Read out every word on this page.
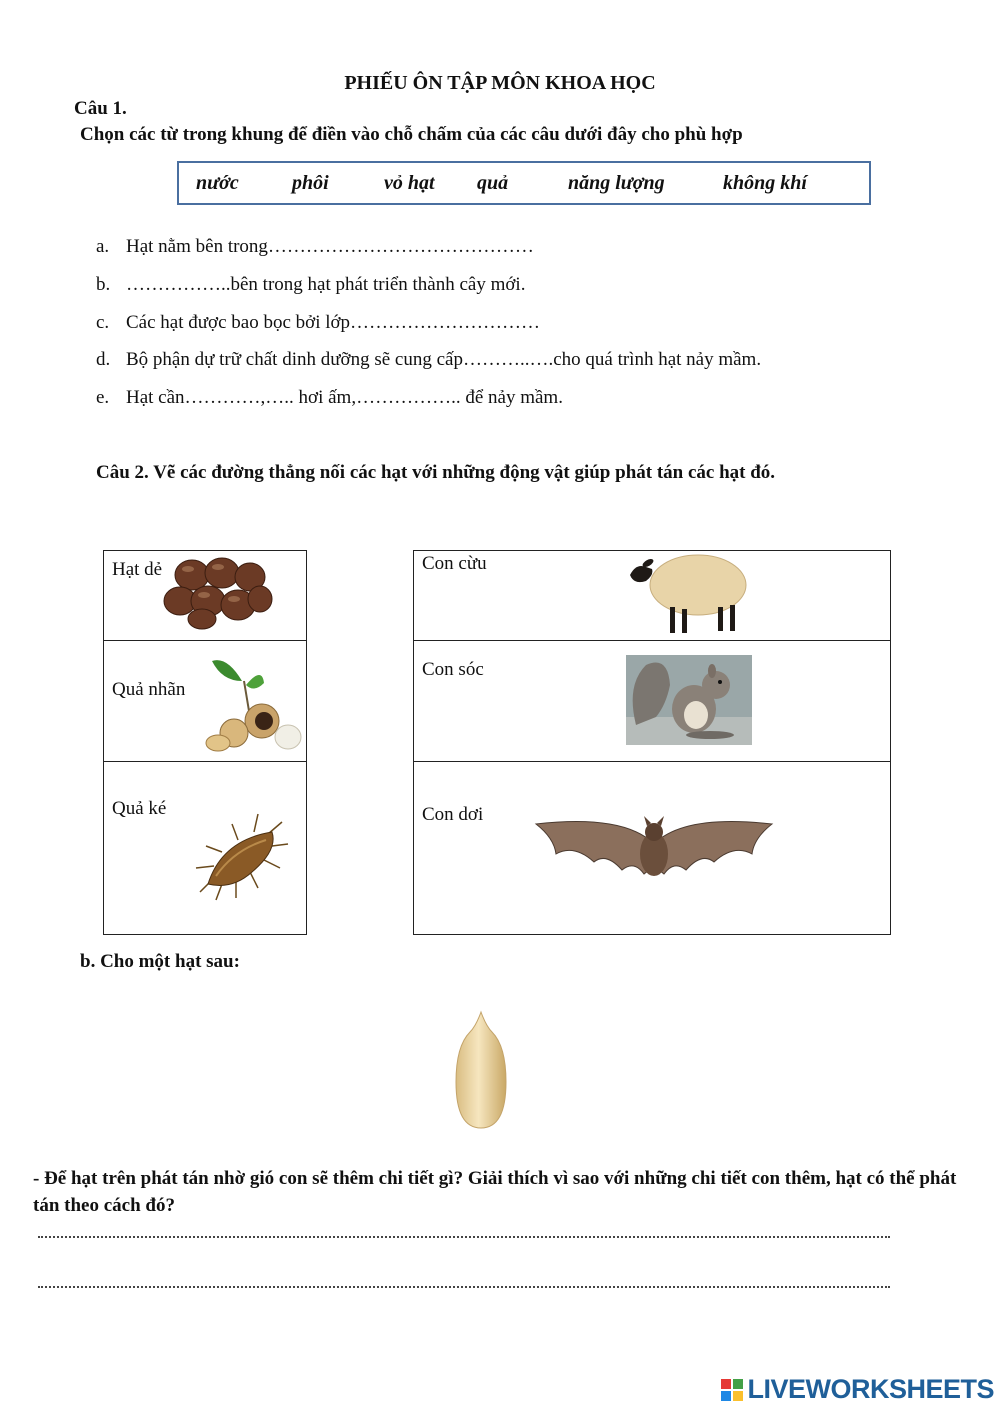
PHIẾU ÔN TẬP MÔN KHOA HỌC
Câu 1.
Chọn các từ trong khung để điền vào chỗ chấm của các câu dưới đây cho phù hợp
nước	phôi	vỏ hạt quả	năng lượng	không khí
a. Hạt nằm bên trong……………………………………
b. ……………..bên trong hạt phát triển thành cây mới.
c. Các hạt được bao bọc bởi lớp…………………………
d. Bộ phận dự trữ chất dinh dưỡng sẽ cung cấp………..….cho quá trình hạt nảy mầm.
e. Hạt cần…………,….. hơi ấm,…………….. để nảy mầm.
Câu 2. Vẽ các đường thẳng nối các hạt với những động vật giúp phát tán các hạt đó.
Hạt dẻ

Quả nhãn

Quả ké
Con cừu

Con sóc

Con dơi
b. Cho một hạt sau:
- Để hạt trên phát tán nhờ gió con sẽ thêm chi tiết gì? Giải thích vì sao với những chi tiết con thêm, hạt có thể phát tán theo cách đó?
LIVEWORKSHEETS
